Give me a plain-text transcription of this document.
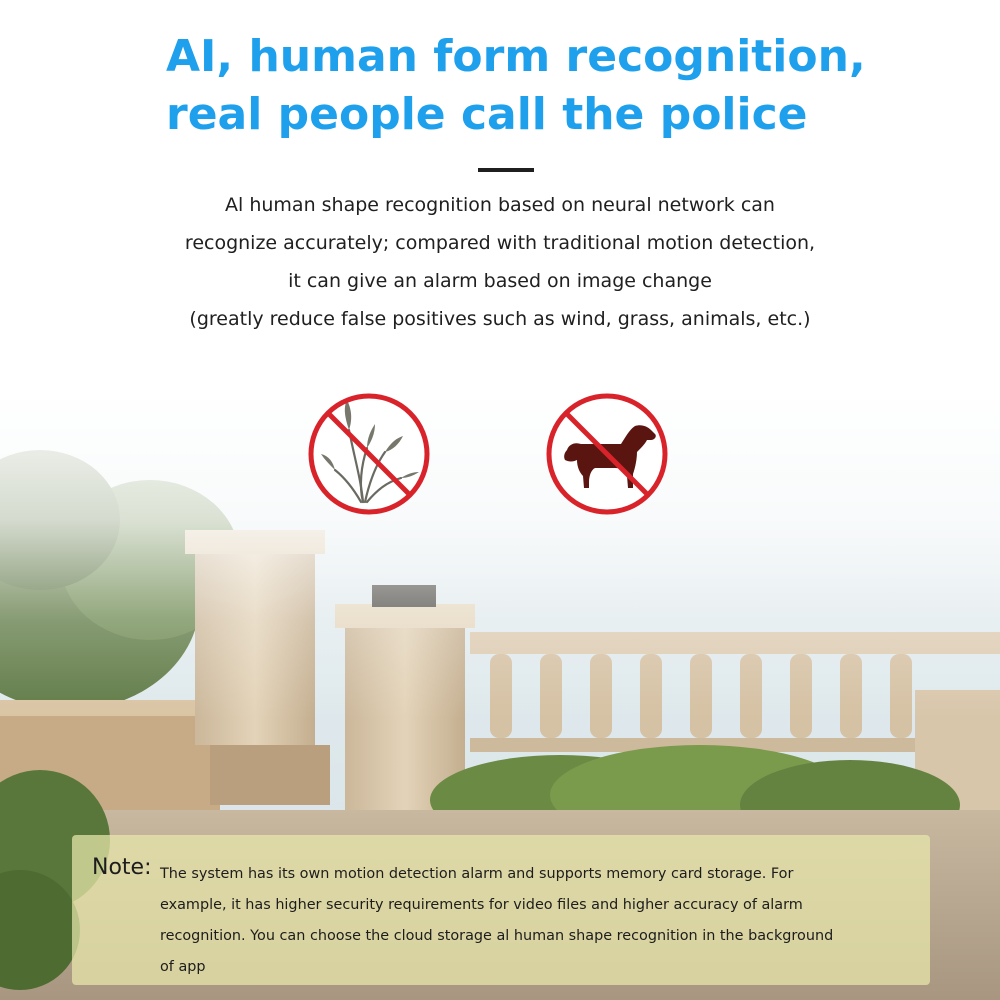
AI, human form recognition,
real people call the police
Al human shape recognition based on neural network can
recognize accurately; compared with traditional motion detection,
it can give an alarm based on image change
(greatly reduce false positives such as wind, grass, animals, etc.)
Note: The system has its own motion detection alarm and supports memory card storage. For
example, it has higher security requirements for video files and higher accuracy of alarm
recognition. You can choose the cloud storage al human shape recognition in the background
of app
